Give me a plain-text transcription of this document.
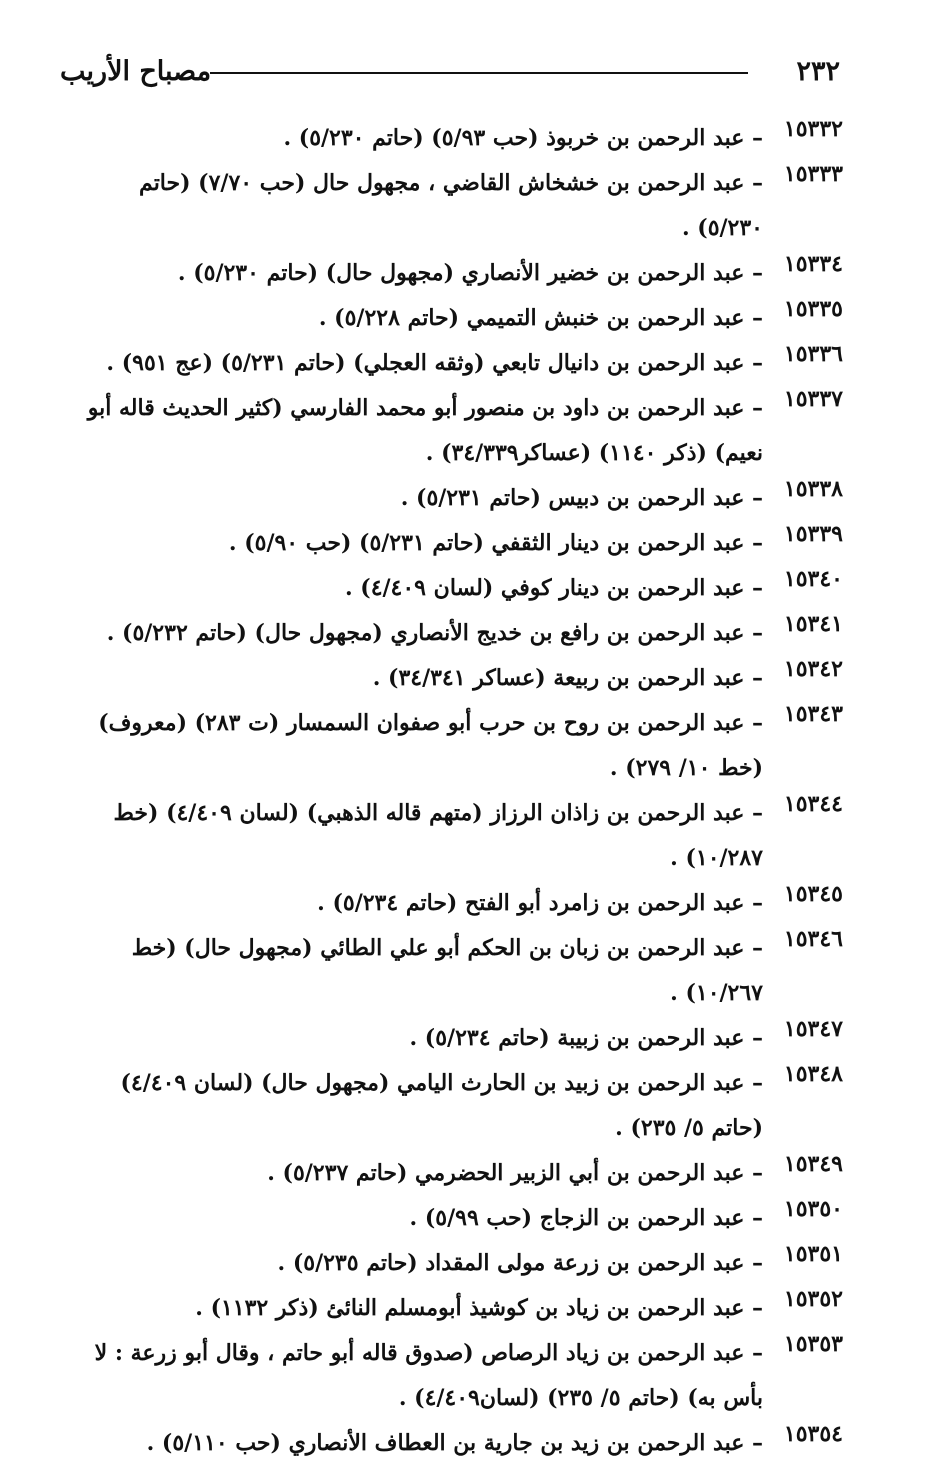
٢٣٢
مصباح الأريب
١٥٣٣٢
– عبد الرحمن بن خربوذ (حب ٥/٩٣) (حاتم ٥/٢٣٠) .
١٥٣٣٣
– عبد الرحمن بن خشخاش القاضي ، مجهول حال (حب ٧/٧٠) (حاتم ٥/٢٣٠) .
١٥٣٣٤
– عبد الرحمن بن خضير الأنصاري (مجهول حال) (حاتم ٥/٢٣٠) .
١٥٣٣٥
– عبد الرحمن بن خنبش التميمي (حاتم ٥/٢٢٨) .
١٥٣٣٦
– عبد الرحمن بن دانيال تابعي (وثقه العجلي) (حاتم ٥/٢٣١) (عج ٩٥١) .
١٥٣٣٧
– عبد الرحمن بن داود بن منصور أبو محمد الفارسي (كثير الحديث قاله أبو نعيم) (ذكر ١١٤٠) (عساكر٣٤/٣٣٩) .
١٥٣٣٨
– عبد الرحمن بن دبيس (حاتم ٥/٢٣١) .
١٥٣٣٩
– عبد الرحمن بن دينار الثقفي (حاتم ٥/٢٣١) (حب ٥/٩٠) .
١٥٣٤٠
– عبد الرحمن بن دينار كوفي (لسان ٤/٤٠٩) .
١٥٣٤١
– عبد الرحمن بن رافع بن خديج الأنصاري (مجهول حال) (حاتم ٥/٢٣٢) .
١٥٣٤٢
– عبد الرحمن بن ربيعة (عساكر ٣٤/٣٤١) .
١٥٣٤٣
– عبد الرحمن بن روح بن حرب أبو صفوان السمسار (ت ٢٨٣) (معروف) (خط ١٠/ ٢٧٩) .
١٥٣٤٤
– عبد الرحمن بن زاذان الرزاز (متهم قاله الذهبي) (لسان ٤/٤٠٩) (خط ١٠/٢٨٧) .
١٥٣٤٥
– عبد الرحمن بن زامرد أبو الفتح (حاتم ٥/٢٣٤) .
١٥٣٤٦
– عبد الرحمن بن زبان بن الحكم أبو علي الطائي (مجهول حال) (خط ١٠/٢٦٧) .
١٥٣٤٧
– عبد الرحمن بن زبيبة (حاتم ٥/٢٣٤) .
١٥٣٤٨
– عبد الرحمن بن زبيد بن الحارث اليامي (مجهول حال) (لسان ٤/٤٠٩) (حاتم ٥/ ٢٣٥) .
١٥٣٤٩
– عبد الرحمن بن أبي الزبير الحضرمي (حاتم ٥/٢٣٧) .
١٥٣٥٠
– عبد الرحمن بن الزجاج (حب ٥/٩٩) .
١٥٣٥١
– عبد الرحمن بن زرعة مولى المقداد (حاتم ٥/٢٣٥) .
١٥٣٥٢
– عبد الرحمن بن زياد بن كوشيذ أبومسلم النائئ (ذكر ١١٣٢) .
١٥٣٥٣
– عبد الرحمن بن زياد الرصاص (صدوق قاله أبو حاتم ، وقال أبو زرعة : لا بأس به) (حاتم ٥/ ٢٣٥) (لسان٤/٤٠٩) .
١٥٣٥٤
– عبد الرحمن بن زيد بن جارية بن العطاف الأنصاري (حب ٥/١١٠) .
